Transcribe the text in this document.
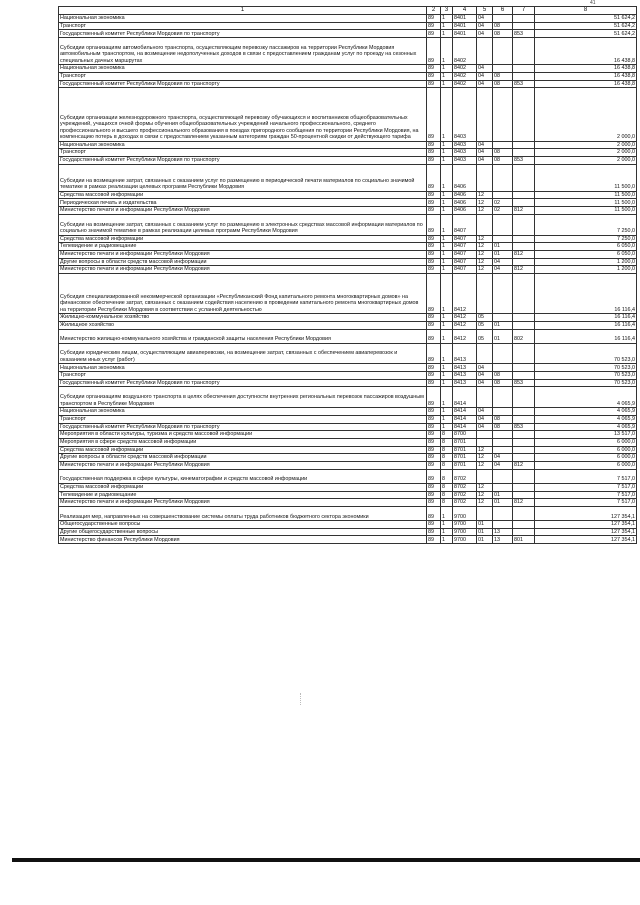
41
1	2	3	4	5	6	7	8
Национальная экономика	89	1	8401	04			51 624,2
Транспорт	89	1	8401	04	08		51 624,2
Государственный комитет Республики Мордовия по транспорту	89	1	8401	04	08	853	51 624,2
Субсидии организациям автомобильного транспорта, осуществляющим перевозку пассажиров на территории Республики Мордовия автомобильным транспортом, на возмещение недополученных доходов в связи с предоставлением гражданам услуг по проезду на сезонных специальных дачных маршрутах	89	1	8402				16 438,8
Национальная экономика	89	1	8402	04			16 438,8
Транспорт	89	1	8402	04	08		16 438,8
Государственный комитет Республики Мордовия по транспорту	89	1	8402	04	08	853	16 438,8
Субсидии организации железнодорожного транспорта, осуществляющей перевозку обучающихся и воспитанников общеобразовательных учреждений, учащихся очной формы обучения общеобразовательных учреждений начального профессионального, среднего профессионального и высшего профессионального образования в поездах пригородного сообщения по территории Республики Мордовия, на компенсацию потерь в доходах в связи с предоставлением указанным категориям граждан 50-процентной скидки от действующего тарифа	89	1	8403				2 000,0
Национальная экономика	89	1	8403	04			2 000,0
Транспорт	89	1	8403	04	08		2 000,0
Государственный комитет Республики Мордовия по транспорту	89	1	8403	04	08	853	2 000,0
Субсидии на возмещение затрат, связанных с оказанием услуг по размещению в периодической печати материалов по социально значимой тематике в рамках реализации целевых программ Республики Мордовия	89	1	8406				11 500,0
Средства массовой информации	89	1	8406	12			11 500,0
Периодическая печать и издательства	89	1	8406	12	02		11 500,0
Министерство печати и информации Республики Мордовия	89	1	8406	12	02	812	11 500,0
Субсидии на возмещение затрат, связанных с оказанием услуг по размещению в электронных средствах массовой информации материалов по социально значимой тематике в рамках реализации целевых программ Республики Мордовия	89	1	8407				7 250,0
Средства массовой информации	89	1	8407	12			7 250,0
Телевидение и радиовещание	89	1	8407	12	01		6 050,0
Министерство печати и информации Республики Мордовия	89	1	8407	12	01	812	6 050,0
Другие вопросы в области средств массовой информации	89	1	8407	12	04		1 200,0
Министерство печати и информации Республики Мордовия	89	1	8407	12	04	812	1 200,0
Субсидия специализированной некоммерческой организации «Республиканский Фонд капитального ремонта многоквартирных домов» на финансовое обеспечение затрат, связанных с оказанием содействия населению в проведении капитального ремонта многоквартирных домов на территории Республики Мордовия в соответствии с усланной деятельностью	89	1	8412				16 116,4
Жилищно-коммунальное хозяйство	89	1	8412	05			16 116,4
Жилищное хозяйство	89	1	8412	05	01		16 116,4
Министерство жилищно-коммунального хозяйства и гражданской защиты населения Республики Мордовия	89	1	8412	05	01	802	16 116,4
Субсидии юридическим лицам, осуществляющим авиаперевозки, на возмещение затрат, связанных с обеспечением авиаперевозок и оказанием иных услуг (работ)	89	1	8413				70 523,0
Национальная экономика	89	1	8413	04			70 523,0
Транспорт	89	1	8413	04	08		70 523,0
Государственный комитет Республики Мордовия по транспорту	89	1	8413	04	08	853	70 523,0
Субсидии организациям воздушного транспорта в целях обеспечения доступности внутренних региональных перевозок пассажиров воздушным транспортом в Республике Мордовия	89	1	8414				4 065,9
Национальная экономика	89	1	8414	04			4 065,9
Транспорт	89	1	8414	04	08		4 065,9
Государственный комитет Республики Мордовия по транспорту	89	1	8414	04	08	853	4 065,9
Мероприятия в области культуры, туризма и средств массовой информации	89	8	8700				13 517,0
Мероприятия в сфере средств массовой информации	89	8	8701				6 000,0
Средства массовой информации	89	8	8701	12			6 000,0
Другие вопросы в области средств массовой информации	89	8	8701	12	04		6 000,0
Министерство печати и информации Республики Мордовия	89	8	8701	12	04	812	6 000,0
Государственная поддержка в сфере культуры, кинематографии и средств массовой информации	89	8	8702				7 517,0
Средства массовой информации	89	8	8702	12			7 517,0
Телевидение и радиовещание	89	8	8702	12	01		7 517,0
Министерство печати и информации Республики Мордовия	89	8	8702	12	01	812	7 517,0
Реализация мер, направленных на совершенствование системы оплаты труда работников бюджетного сектора экономики	89	1	9700				127 354,1
Общегосударственные вопросы	89	1	9700	01			127 354,1
Другие общегосударственные вопросы	89	1	9700	01	13		127 354,1
Министерство финансов Республики Мордовия	89	1	9700	01	13	801	127 354,1
